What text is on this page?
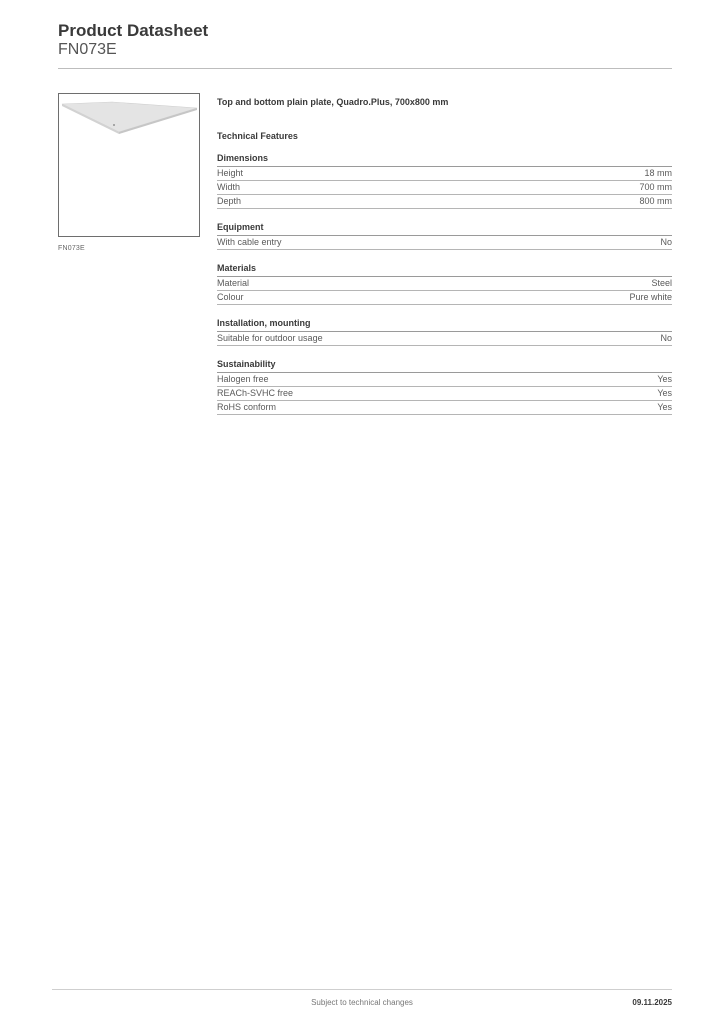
Product Datasheet
FN073E
FN073E
Top and bottom plain plate, Quadro.Plus, 700x800 mm
Technical Features
Dimensions
Height	18 mm
Width	700 mm
Depth	800 mm
Equipment
With cable entry	No
Materials
Material	Steel
Colour	Pure white
Installation, mounting
Suitable for outdoor usage	No
Sustainability
Halogen free	Yes
REACh-SVHC free	Yes
RoHS conform	Yes
Subject to technical changes	09.11.2025
